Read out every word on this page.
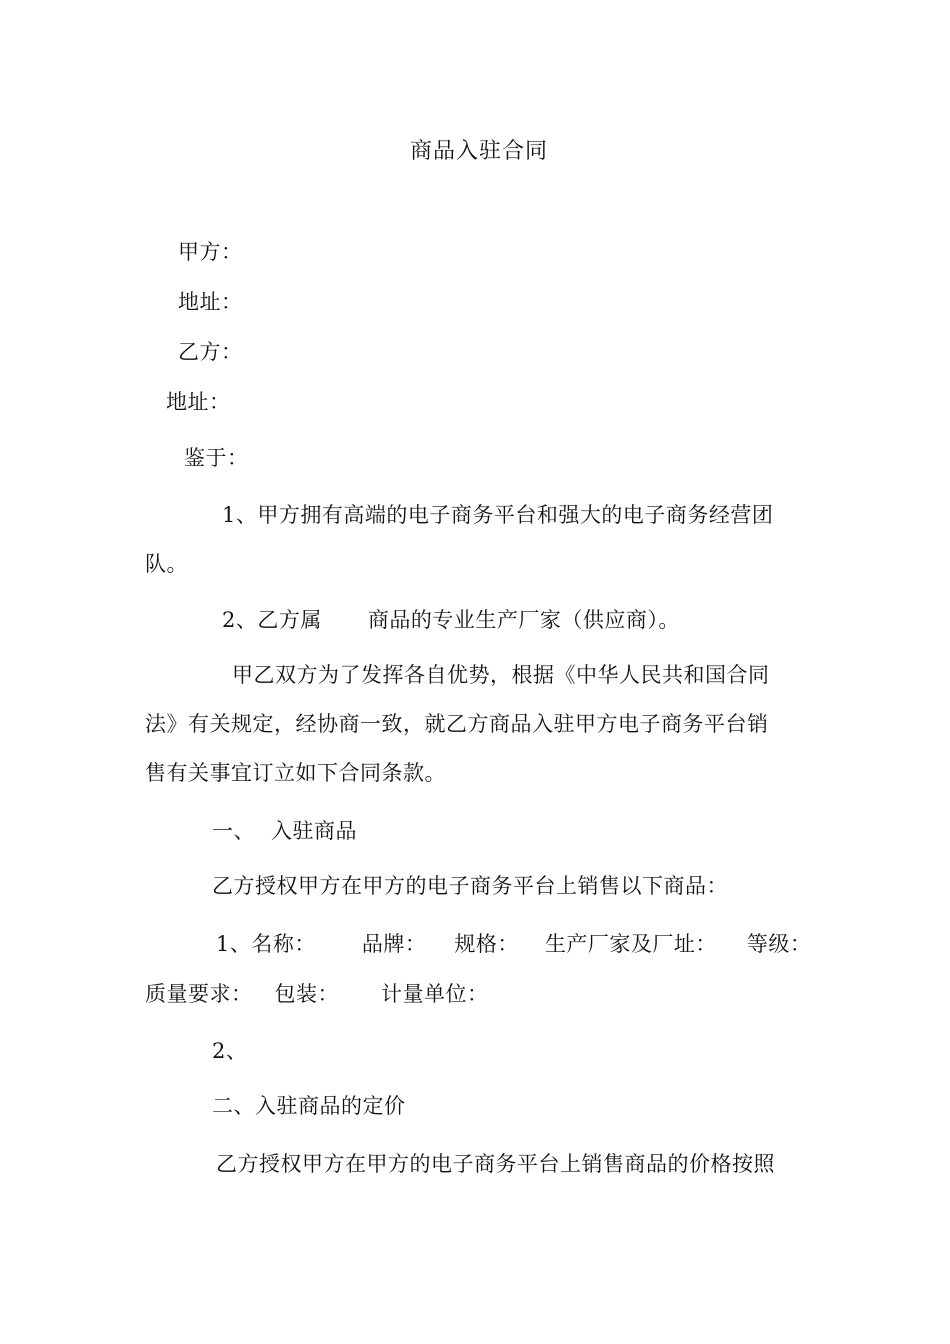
商品入驻合同
甲方：
地址：
乙方：
地址：
鉴于：
1、甲方拥有高端的电子商务平台和强大的电子商务经营团
队。
2、乙方属 商品的专业生产厂家（供应商）。
甲乙双方为了发挥各自优势，根据《中华人民共和国合同
法》有关规定，经协商一致，就乙方商品入驻甲方电子商务平台销
售有关事宜订立如下合同条款。
一、 入驻商品
乙方授权甲方在甲方的电子商务平台上销售以下商品：
1、名称： 品牌： 规格： 生产厂家及厂址： 等级：
质量要求： 包装： 计量单位：
2、
二、入驻商品的定价
乙方授权甲方在甲方的电子商务平台上销售商品的价格按照
